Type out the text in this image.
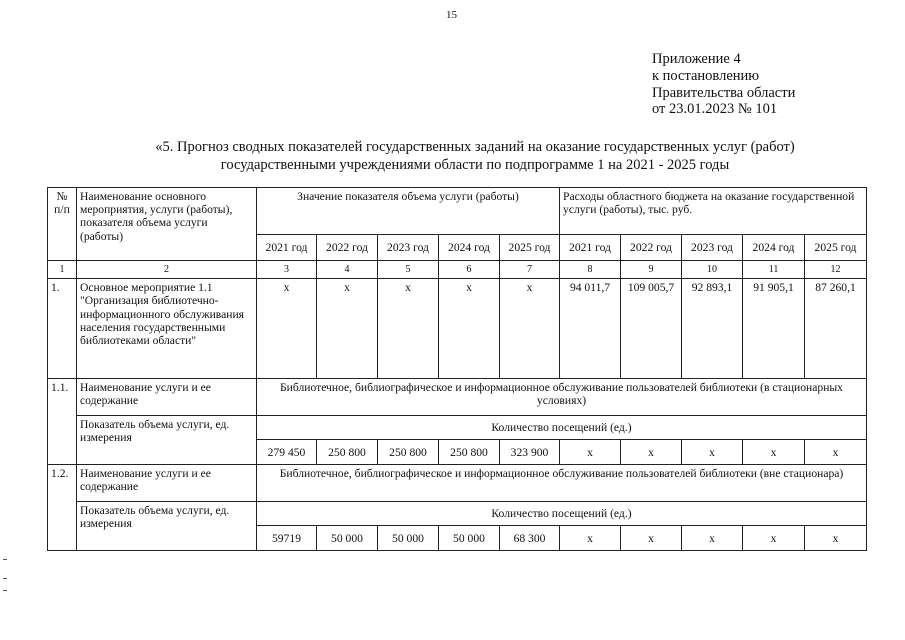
15
Приложение 4
к постановлению
Правительства области
от 23.01.2023 № 101
«5. Прогноз сводных показателей государственных заданий на оказание государственных услуг (работ)
государственными учреждениями области по подпрограмме 1 на 2021 - 2025 годы
№ п/п	Наименование основного мероприятия, услуги (работы), показателя объема услуги (работы)	Значение показателя объема услуги (работы)					Расходы областного бюджета на оказание государственной услуги (работы), тыс. руб.				
		2021 год	2022 год	2023 год	2024 год	2025 год	2021 год	2022 год	2023 год	2024 год	2025 год
1	2	3	4	5	6	7	8	9	10	11	12
1.	Основное мероприятие 1.1 "Организация библиотечно-информационного обслуживания населения государственными библиотеками области"	х	х	х	х	х	94 011,7	109 005,7	92 893,1	91 905,1	87 260,1
1.1.	Наименование услуги и ее содержание	Библиотечное, библиографическое и информационное обслуживание пользователей библиотеки (в стационарных условиях)									
	Показатель объема услуги, ед. измерения	Количество посещений (ед.)									
		279 450	250 800	250 800	250 800	323 900	х	х	х	х	х
1.2.	Наименование услуги и ее содержание	Библиотечное, библиографическое и информационное обслуживание пользователей библиотеки (вне стационара)									
	Показатель объема услуги, ед. измерения	Количество посещений (ед.)									
		59719	50 000	50 000	50 000	68 300	х	х	х	х	х
